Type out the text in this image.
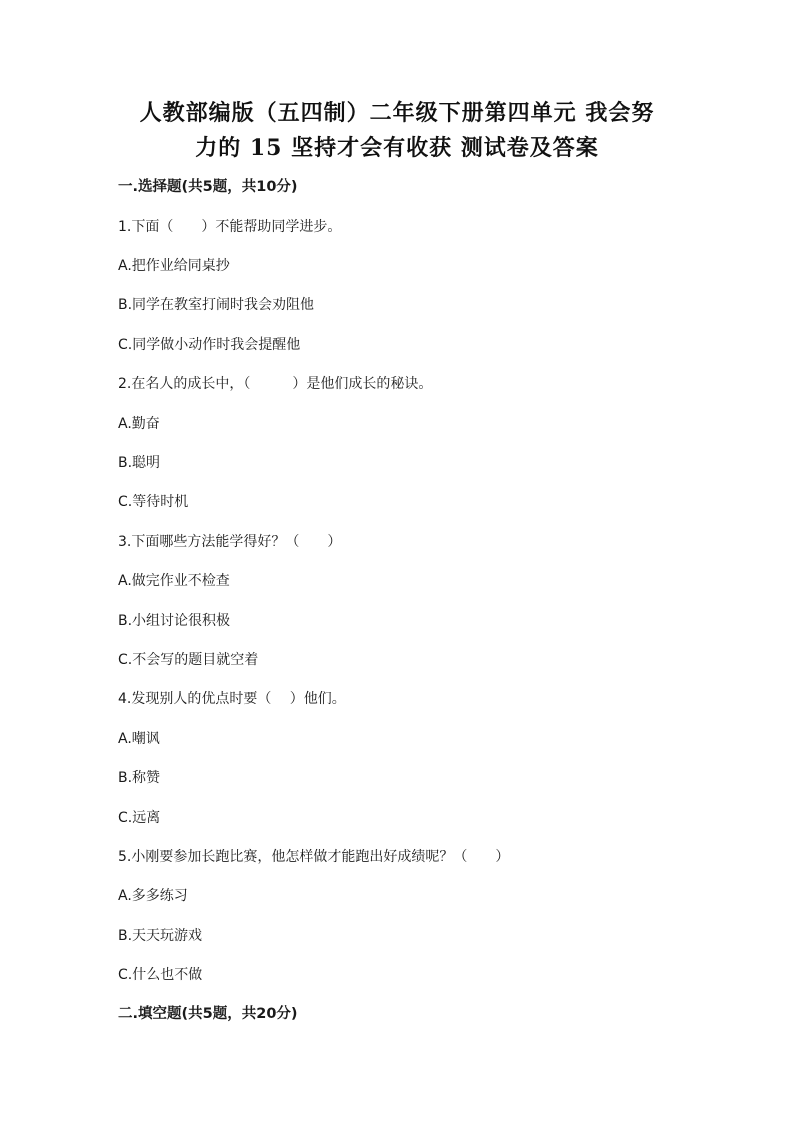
人教部编版（五四制）二年级下册第四单元 我会努
力的 15 坚持才会有收获 测试卷及答案
一.选择题(共5题，共10分)
1.下面（　　）不能帮助同学进步。
A.把作业给同桌抄
B.同学在教室打闹时我会劝阻他
C.同学做小动作时我会提醒他
2.在名人的成长中，（　　　）是他们成长的秘诀。
A.勤奋
B.聪明
C.等待时机
3.下面哪些方法能学得好？（　　）
A.做完作业不检查
B.小组讨论很积极
C.不会写的题目就空着
4.发现别人的优点时要（　 ）他们。
A.嘲讽
B.称赞
C.远离
5.小刚要参加长跑比赛，他怎样做才能跑出好成绩呢？（　　）
A.多多练习
B.天天玩游戏
C.什么也不做
二.填空题(共5题，共20分)
